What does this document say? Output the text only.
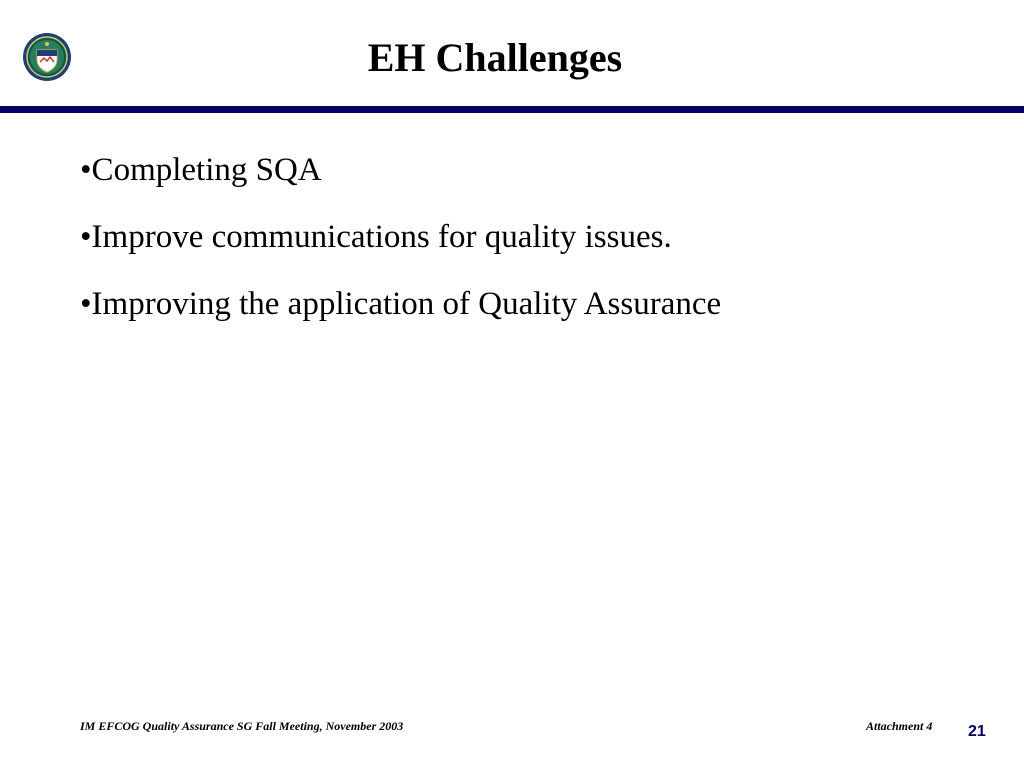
EH Challenges
•Completing SQA
•Improve communications for quality issues.
•Improving the application of Quality Assurance
IM EFCOG Quality Assurance SG Fall Meeting, November 2003	Attachment 4 21
